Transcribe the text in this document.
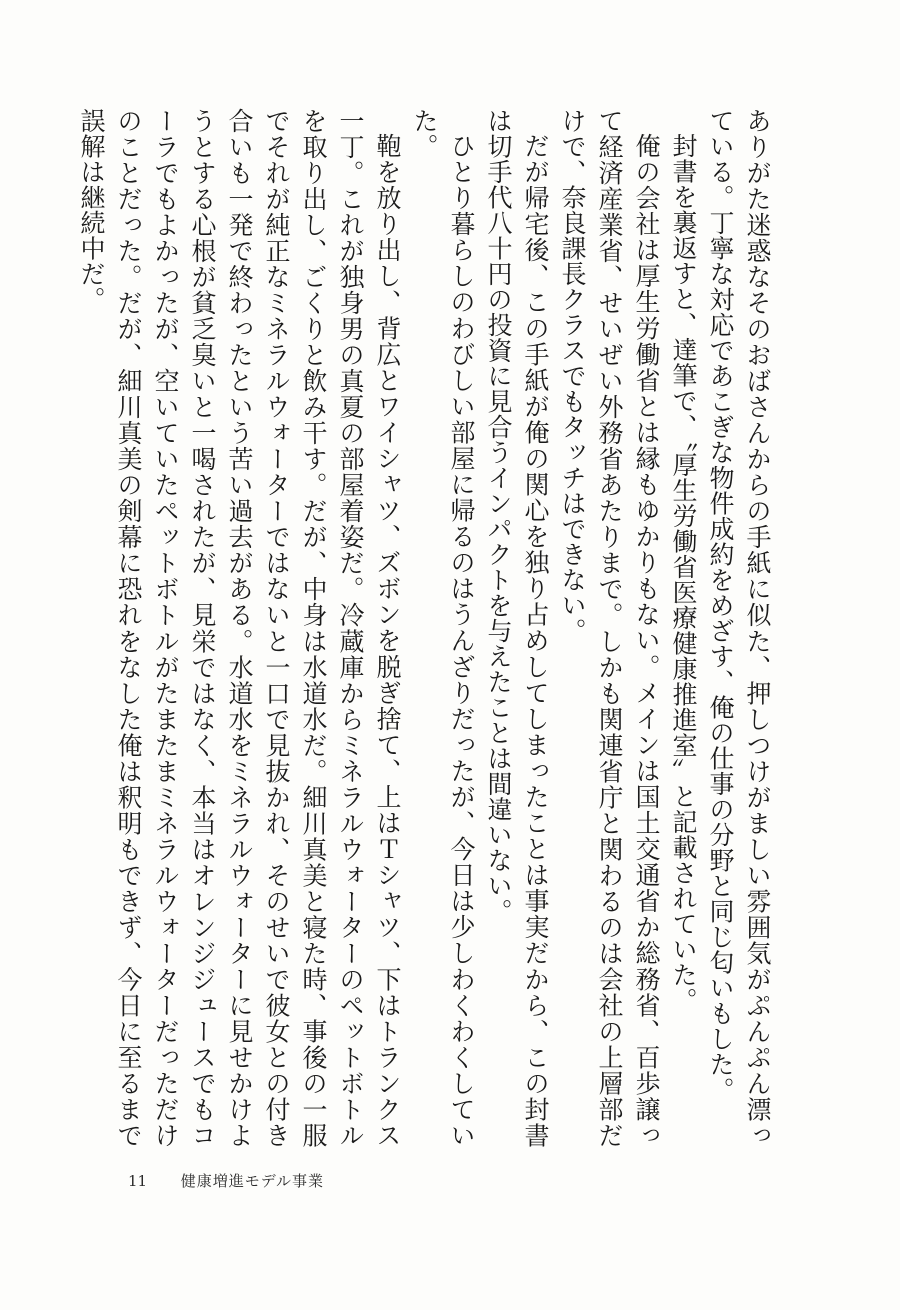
ありがた迷惑なそのおばさんからの手紙に似た、押しつけがましい雰囲気がぷんぷん漂っている。丁寧な対応であこぎな物件成約をめざす、俺の仕事の分野と同じ匂いもした。

封書を裏返すと、達筆で、〝厚生労働省医療健康推進室〟と記載されていた。

俺の会社は厚生労働省とは縁もゆかりもない。メインは国土交通省か総務省、百歩譲って経済産業省、せいぜい外務省あたりまで。しかも関連省庁と関わるのは会社の上層部だけで、奈良課長クラスでもタッチはできない。

だが帰宅後、この手紙が俺の関心を独り占めしてしまったことは事実だから、この封書は切手代八十円の投資に見合うインパクトを与えたことは間違いない。

ひとり暮らしのわびしい部屋に帰るのはうんざりだったが、今日は少しわくわくしていた。

鞄を放り出し、背広とワイシャツ、ズボンを脱ぎ捨て、上はＴシャツ、下はトランクス一丁。これが独身男の真夏の部屋着姿だ。冷蔵庫からミネラルウォーターのペットボトルを取り出し、ごくりと飲み干す。だが、中身は水道水だ。細川真美と寝た時、事後の一服でそれが純正なミネラルウォーターではないと一口で見抜かれ、そのせいで彼女との付き合いも一発で終わったという苦い過去がある。水道水をミネラルウォーターに見せかけようとする心根が貧乏臭いと一喝されたが、見栄ではなく、本当はオレンジジュースでもコーラでもよかったが、空いていたペットボトルがたまたまミネラルウォーターだっただけのことだった。だが、細川真美の剣幕に恐れをなした俺は釈明もできず、今日に至るまで誤解は継続中だ。

11 健康増進モデル事業
